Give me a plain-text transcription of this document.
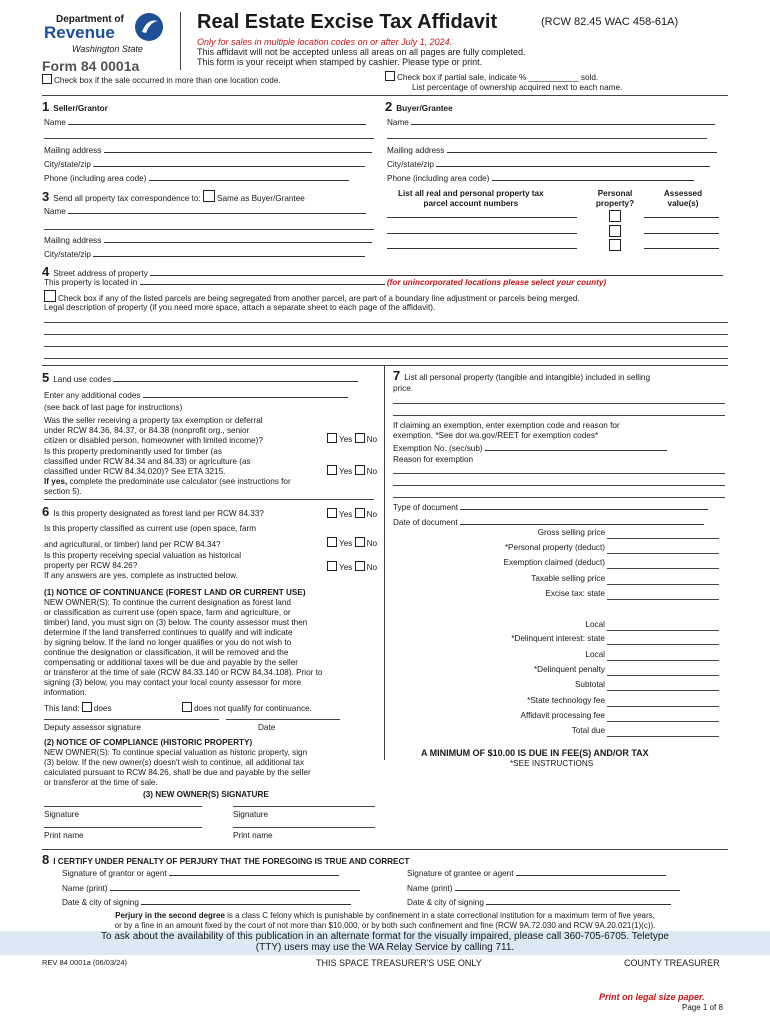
Department of
Revenue
Washington State
Form 84 0001a
Real Estate Excise Tax Affidavit	(RCW 82.45 WAC 458-61A)
Only for sales in multiple location codes on or after July 1, 2024.
This affidavit will not be accepted unless all areas on all pages are fully completed.
This form is your receipt when stamped by cashier. Please type or print.
Check box if the sale occurred in more than one location code.	Check box if partial sale, indicate % ___________ sold.
List percentage of ownership acquired next to each name.
1 Seller/Grantor
Name
Mailing address
City/state/zip
Phone (including area code)
2 Buyer/Grantee
Name
Mailing address
City/state/zip
Phone (including area code)
List all real and personal property tax
parcel account numbers
Personal
property?
Assessed
value(s)
3 Send all property tax correspondence to: Same as Buyer/Grantee
Name
Mailing address
City/state/zip
4 Street address of property
This property is located in	(for unincorporated locations please select your county)
Check box if any of the listed parcels are being segregated from another parcel, are part of a boundary line adjustment or parcels being merged.
Legal description of property (if you need more space, attach a separate sheet to each page of the affidavit).
5 Land use codes
Enter any additional codes
(see back of last page for instructions)
Was the seller receiving a property tax exemption or deferral
under RCW 84.36, 84.37, or 84.38 (nonprofit org., senior
citizen or disabled person, homeowner with limited income)?	Yes No
Is this property predominantly used for timber (as
classified under RCW 84.34 and 84.33) or agriculture (as
classified under RCW 84.34.020)? See ETA 3215.	Yes No
If yes, complete the predominate use calculator (see instructions for
section 5).
6 Is this property designated as forest land per RCW 84.33?	Yes No
Is this property classified as current use (open space, farm
and agricultural, or timber) land per RCW 84.34?	Yes No
Is this property receiving special valuation as historical
property per RCW 84.26?
If any answers are yes, complete as instructed below.
Yes No
(1) NOTICE OF CONTINUANCE (FOREST LAND OR CURRENT USE)
NEW OWNER(S): To continue the current designation as forest land
or classification as current use (open space, farm and agriculture, or
timber) land, you must sign on (3) below. The county assessor must then
determine if the land transferred continues to qualify and will indicate
by signing below. If the land no longer qualifies or you do not wish to
continue the designation or classification, it will be removed and the
compensating or additional taxes will be due and payable by the seller
or transferor at the time of sale (RCW 84.33.140 or RCW 84.34.108). Prior to
signing (3) below, you may contact your local county assessor for more
information.
This land: does	does not qualify for continuance.
Deputy assessor signature	Date
(2) NOTICE OF COMPLIANCE (HISTORIC PROPERTY)
NEW OWNER(S): To continue special valuation as historic property, sign
(3) below. If the new owner(s) doesn't wish to continue, all additional tax
calculated pursuant to RCW 84.26, shall be due and payable by the seller
or transferor at the time of sale.
(3) NEW OWNER(S) SIGNATURE
Signature	Signature
Print name	Print name
7 List all personal property (tangible and intangible) included in selling
price.
If claiming an exemption, enter exemption code and reason for
exemption. *See dor.wa.gov/REET for exemption codes*
Exemption No. (sec/sub)
Reason for exemption
Type of document
Date of document
Gross selling price
*Personal property (deduct)
Exemption claimed (deduct)
Taxable selling price
Excise tax: state
Local
*Delinquent interest: state
Local
*Delinquent penalty
Subtotal
*State technology fee
Affidavit processing fee
Total due
A MINIMUM OF $10.00 IS DUE IN FEE(S) AND/OR TAX
*SEE INSTRUCTIONS
8 I CERTIFY UNDER PENALTY OF PERJURY THAT THE FOREGOING IS TRUE AND CORRECT
Signature of grantor or agent
Name (print)
Date & city of signing
Signature of grantee or agent
Name (print)
Date & city of signing
Perjury in the second degree is a class C felony which is punishable by confinement in a state correctional institution for a maximum term of five years,
or by a fine in an amount fixed by the court of not more than $10,000, or by both such confinement and fine (RCW 9A.72.030 and RCW 9A.20.021(1)(c)).
To ask about the availability of this publication in an alternate format for the visually impaired, please call 360-705-6705. Teletype
(TTY) users may use the WA Relay Service by calling 711.
REV 84 0001a (06/03/24)	THIS SPACE TREASURER'S USE ONLY	COUNTY TREASURER
Print on legal size paper.
Page 1 of 8
